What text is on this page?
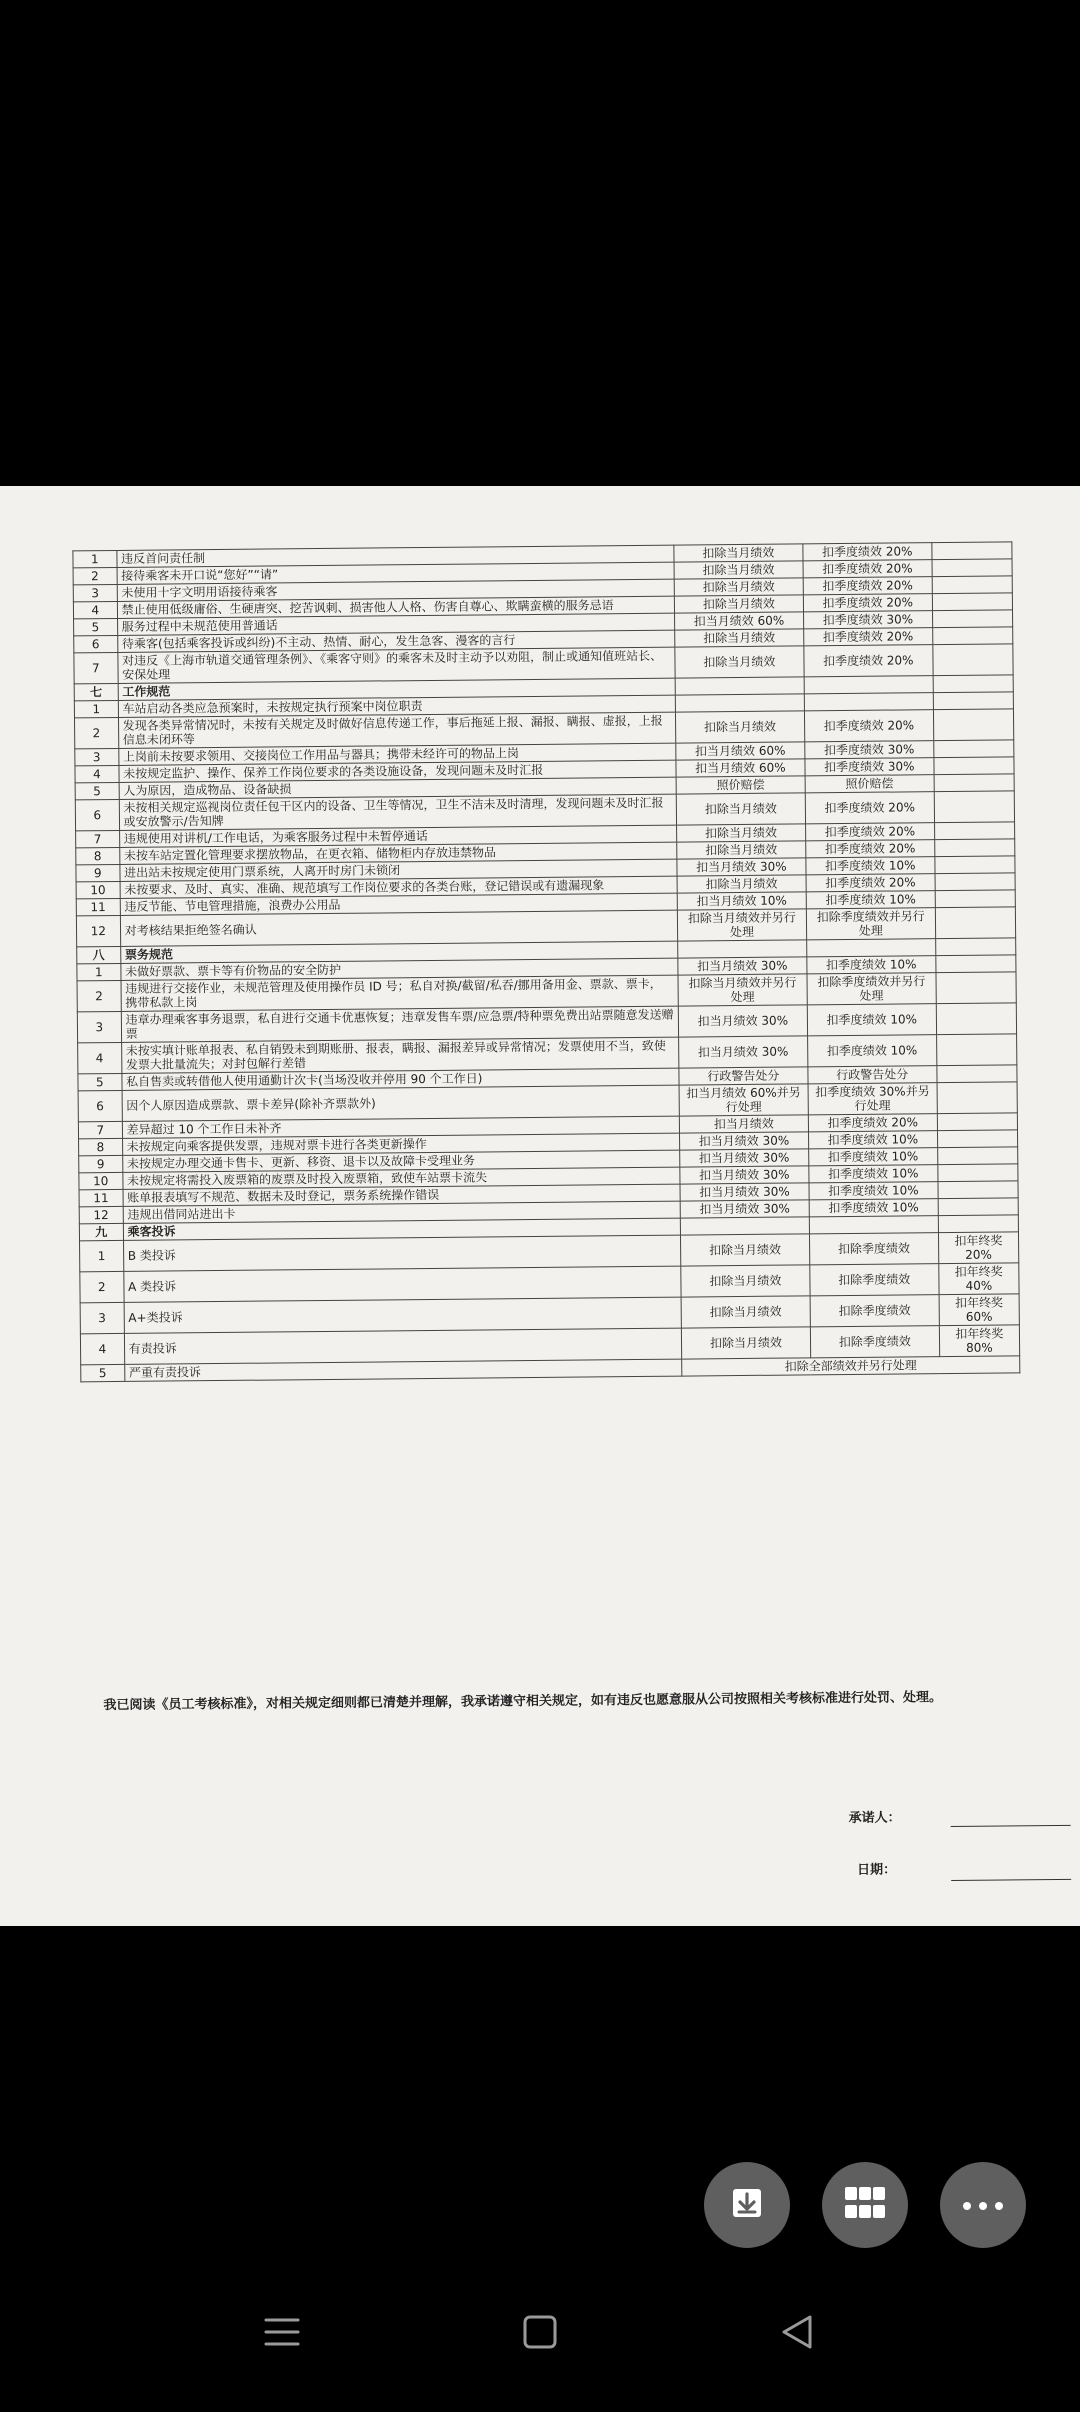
1	违反首问责任制	扣除当月绩效	扣季度绩效 20%	
2	接待乘客未开口说“您好”“请”	扣除当月绩效	扣季度绩效 20%	
3	未使用十字文明用语接待乘客	扣除当月绩效	扣季度绩效 20%	
4	禁止使用低级庸俗、生硬唐突、挖苦讽刺、损害他人人格、伤害自尊心、欺瞒蛮横的服务忌语	扣除当月绩效	扣季度绩效 20%	
5	服务过程中未规范使用普通话	扣当月绩效 60%	扣季度绩效 30%	
6	待乘客(包括乘客投诉或纠纷)不主动、热情、耐心，发生急客、漫客的言行	扣除当月绩效	扣季度绩效 20%	
7	对违反《上海市轨道交通管理条例》、《乘客守则》的乘客未及时主动予以劝阻，制止或通知值班站长、安保处理	扣除当月绩效	扣季度绩效 20%	
七	工作规范			
1	车站启动各类应急预案时，未按规定执行预案中岗位职责			
2	发现各类异常情况时，未按有关规定及时做好信息传递工作，事后拖延上报、漏报、瞒报、虚报，上报信息未闭环等	扣除当月绩效	扣季度绩效 20%	
3	上岗前未按要求领用、交接岗位工作用品与器具；携带未经许可的物品上岗	扣当月绩效 60%	扣季度绩效 30%	
4	未按规定监护、操作、保养工作岗位要求的各类设施设备，发现问题未及时汇报	扣当月绩效 60%	扣季度绩效 30%	
5	人为原因，造成物品、设备缺损	照价赔偿	照价赔偿	
6	未按相关规定巡视岗位责任包干区内的设备、卫生等情况，卫生不洁未及时清理，发现问题未及时汇报或安放警示/告知牌	扣除当月绩效	扣季度绩效 20%	
7	违规使用对讲机/工作电话，为乘客服务过程中未暂停通话	扣除当月绩效	扣季度绩效 20%	
8	未按车站定置化管理要求摆放物品，在更衣箱、储物柜内存放违禁物品	扣除当月绩效	扣季度绩效 20%	
9	进出站未按规定使用门票系统，人离开时房门未锁闭	扣当月绩效 30%	扣季度绩效 10%	
10	未按要求、及时、真实、准确、规范填写工作岗位要求的各类台账，登记错误或有遗漏现象	扣除当月绩效	扣季度绩效 20%	
11	违反节能、节电管理措施，浪费办公用品	扣当月绩效 10%	扣季度绩效 10%	
12	对考核结果拒绝签名确认	扣除当月绩效并另行处理	扣除季度绩效并另行处理	
八	票务规范			
1	未做好票款、票卡等有价物品的安全防护	扣当月绩效 30%	扣季度绩效 10%	
2	违规进行交接作业，未规范管理及使用操作员 ID 号；私自对换/截留/私吞/挪用备用金、票款、票卡，携带私款上岗	扣除当月绩效并另行处理	扣除季度绩效并另行处理	
3	违章办理乘客事务退票，私自进行交通卡优惠恢复；违章发售车票/应急票/特种票免费出站票随意发送赠票	扣当月绩效 30%	扣季度绩效 10%	
4	未按实填计账单报表、私自销毁未到期账册、报表，瞒报、漏报差异或异常情况；发票使用不当，致使发票大批量流失；对封包解行差错	扣当月绩效 30%	扣季度绩效 10%	
5	私自售卖或转借他人使用通勤计次卡(当场没收并停用 90 个工作日)	行政警告处分	行政警告处分	
6	因个人原因造成票款、票卡差异(除补齐票款外)	扣当月绩效 60%并另行处理	扣季度绩效 30%并另行处理	
7	差异超过 10 个工作日未补齐	扣当月绩效	扣季度绩效 20%	
8	未按规定向乘客提供发票，违规对票卡进行各类更新操作	扣当月绩效 30%	扣季度绩效 10%	
9	未按规定办理交通卡售卡、更新、移资、退卡以及故障卡受理业务	扣当月绩效 30%	扣季度绩效 10%	
10	未按规定将需投入废票箱的废票及时投入废票箱，致使车站票卡流失	扣当月绩效 30%	扣季度绩效 10%	
11	账单报表填写不规范、数据未及时登记，票务系统操作错误	扣当月绩效 30%	扣季度绩效 10%	
12	违规出借同站进出卡	扣当月绩效 30%	扣季度绩效 10%	
九	乘客投诉			
1	B 类投诉	扣除当月绩效	扣除季度绩效	扣年终奖 20%
2	A 类投诉	扣除当月绩效	扣除季度绩效	扣年终奖 40%
3	A+类投诉	扣除当月绩效	扣除季度绩效	扣年终奖 60%
4	有责投诉	扣除当月绩效	扣除季度绩效	扣年终奖 80%
5	严重有责投诉	扣除全部绩效并另行处理		
我已阅读《员工考核标准》，对相关规定细则都已清楚并理解，我承诺遵守相关规定，如有违反也愿意服从公司按照相关考核标准进行处罚、处理。
承诺人：
日期：
